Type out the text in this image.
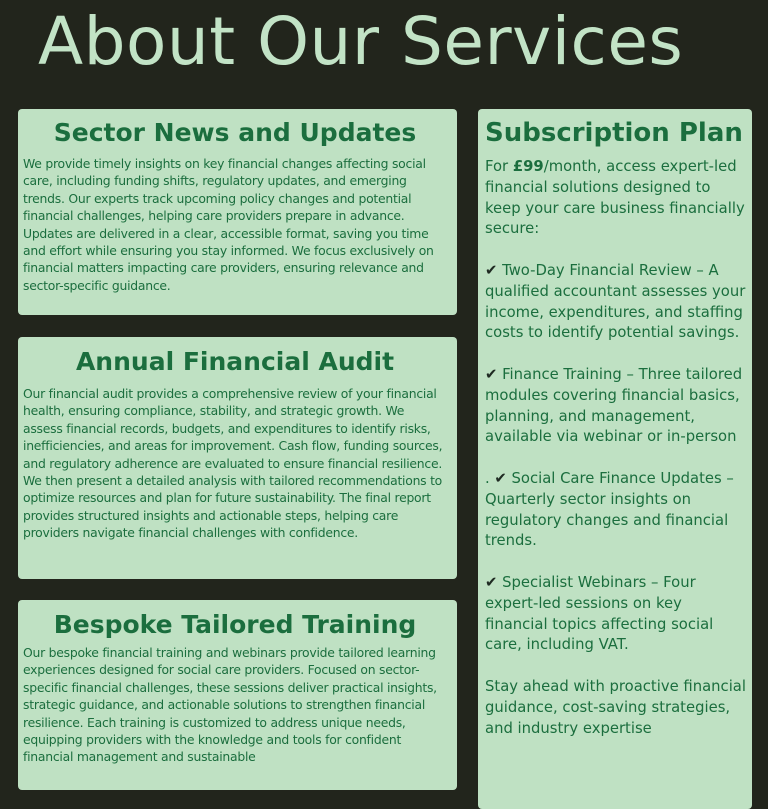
About Our Services
Sector News and Updates

We provide timely insights on key financial changes affecting social care, including funding shifts, regulatory updates, and emerging trends. Our experts track upcoming policy changes and potential financial challenges, helping care providers prepare in advance. Updates are delivered in a clear, accessible format, saving you time and effort while ensuring you stay informed. We focus exclusively on financial matters impacting care providers, ensuring relevance and sector-specific guidance.

Annual Financial Audit

Our financial audit provides a comprehensive review of your financial health, ensuring compliance, stability, and strategic growth. We assess financial records, budgets, and expenditures to identify risks, inefficiencies, and areas for improvement. Cash flow, funding sources, and regulatory adherence are evaluated to ensure financial resilience. We then present a detailed analysis with tailored recommendations to optimize resources and plan for future sustainability. The final report provides structured insights and actionable steps, helping care providers navigate financial challenges with confidence.

Bespoke Tailored Training

Our bespoke financial training and webinars provide tailored learning experiences designed for social care providers. Focused on sector-specific financial challenges, these sessions deliver practical insights, strategic guidance, and actionable solutions to strengthen financial resilience. Each training is customized to address unique needs, equipping providers with the knowledge and tools for confident financial management and sustainable

Subscription Plan

For £99/month, access expert-led financial solutions designed to keep your care business financially secure:

✔ Two-Day Financial Review – A qualified accountant assesses your income, expenditures, and staffing costs to identify potential savings.

✔ Finance Training – Three tailored modules covering financial basics, planning, and management, available via webinar or in-person

. ✔ Social Care Finance Updates – Quarterly sector insights on regulatory changes and financial trends.

✔ Specialist Webinars – Four expert-led sessions on key financial topics affecting social care, including VAT.

Stay ahead with proactive financial guidance, cost-saving strategies, and industry expertise
